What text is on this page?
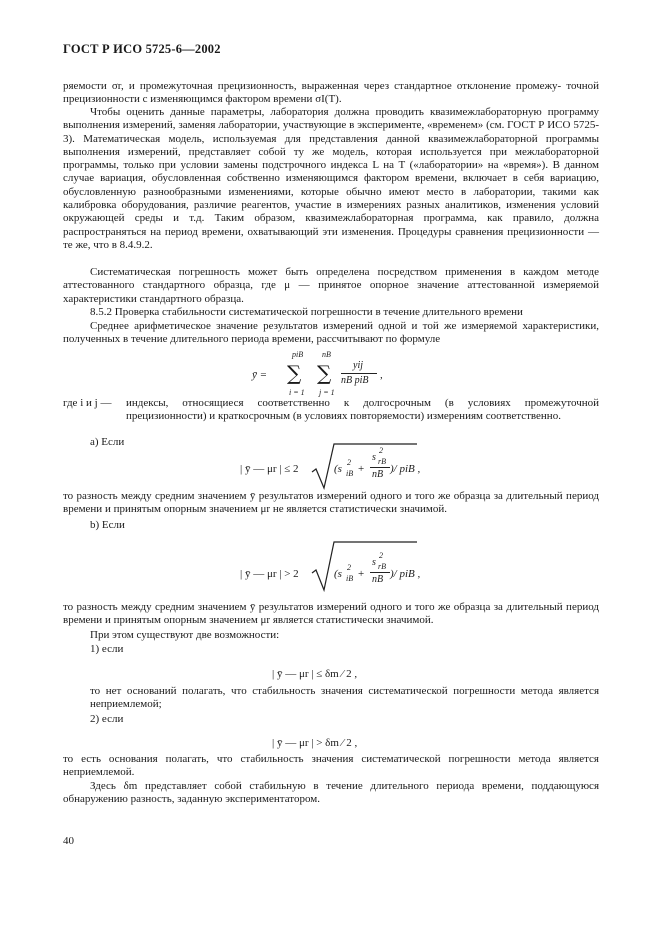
ГОСТ Р ИСО 5725-6—2002
ряемости σr, и промежуточная прецизионность, выраженная через стандартное отклонение промежу- точной прецизионности с изменяющимся фактором времени σI(T).
Чтобы оценить данные параметры, лаборатория должна проводить квазимежлабораторную программу выполнения измерений, заменяя лаборатории, участвующие в эксперименте, «временем» (см. ГОСТ Р ИСО 5725-3). Математическая модель, используемая для представления данной квазимежлабораторной программы выполнения измерений, представляет собой ту же модель, которая используется при межлабораторной программы, только при условии замены подстрочного индекса L на T («лаборатории» на «время»). В данном случае вариация, обусловленная собственно изменяющимся фактором времени, включает в себя вариацию, обусловленную разнообразными изменениями, которые обычно имеют место в лаборатории, такими как калибровка оборудования, различие реагентов, участие в измерениях разных аналитиков, изменения условий окружающей среды и т.д. Таким образом, квазимежлабораторная программа, как правило, должна распространяться на период времени, охватывающий эти изменения. Процедуры сравнения прецизионности — те же, что в 8.4.9.2.
Систематическая погрешность может быть определена посредством применения в каждом методе аттестованного стандартного образца, где μ — принятое опорное значение аттестованной измеряемой характеристики стандартного образца.
8.5.2 Проверка стабильности систематической погрешности в течение длительного времени
Среднее арифметическое значение результатов измерений одной и той же измеряемой характеристики, полученных в течение длительного периода времени, рассчитывают по формуле
piB nB
ȳ = ∑ ∑
i = 1 j = 1
yij
nB piB ,
где i и j — индексы, относящиеся соответственно к долгосрочным (в условиях промежуточной прецизионности) и краткосрочным (в условиях повторяемости) измерениям соответственно.
а) Если
| ȳ — μr | ≤ 2	(s
2
iB +
s
2
rB
nB )/ piB ,
то разность между средним значением ȳ результатов измерений одного и того же образца за длительный период времени и принятым опорным значением μr не является статистически значимой.
b) Если
| ȳ — μr | > 2	(s
2
iB +
s
2
rB
nB )/ piB ,
то разность между средним значением ȳ результатов измерений одного и того же образца за длительный период времени и принятым опорным значением μr является статистически значимой.
При этом существуют две возможности:
1) если
| ȳ — μr | ≤ δm ⁄ 2 ,
то нет оснований полагать, что стабильность значения систематической погрешности метода является неприемлемой;
2) если
| ȳ — μr | > δm ⁄ 2 ,
то есть основания полагать, что стабильность значения систематической погрешности метода является неприемлемой.
Здесь δm представляет собой стабильную в течение длительного периода времени, поддающуюся обнаружению разность, заданную экспериментатором.
40
